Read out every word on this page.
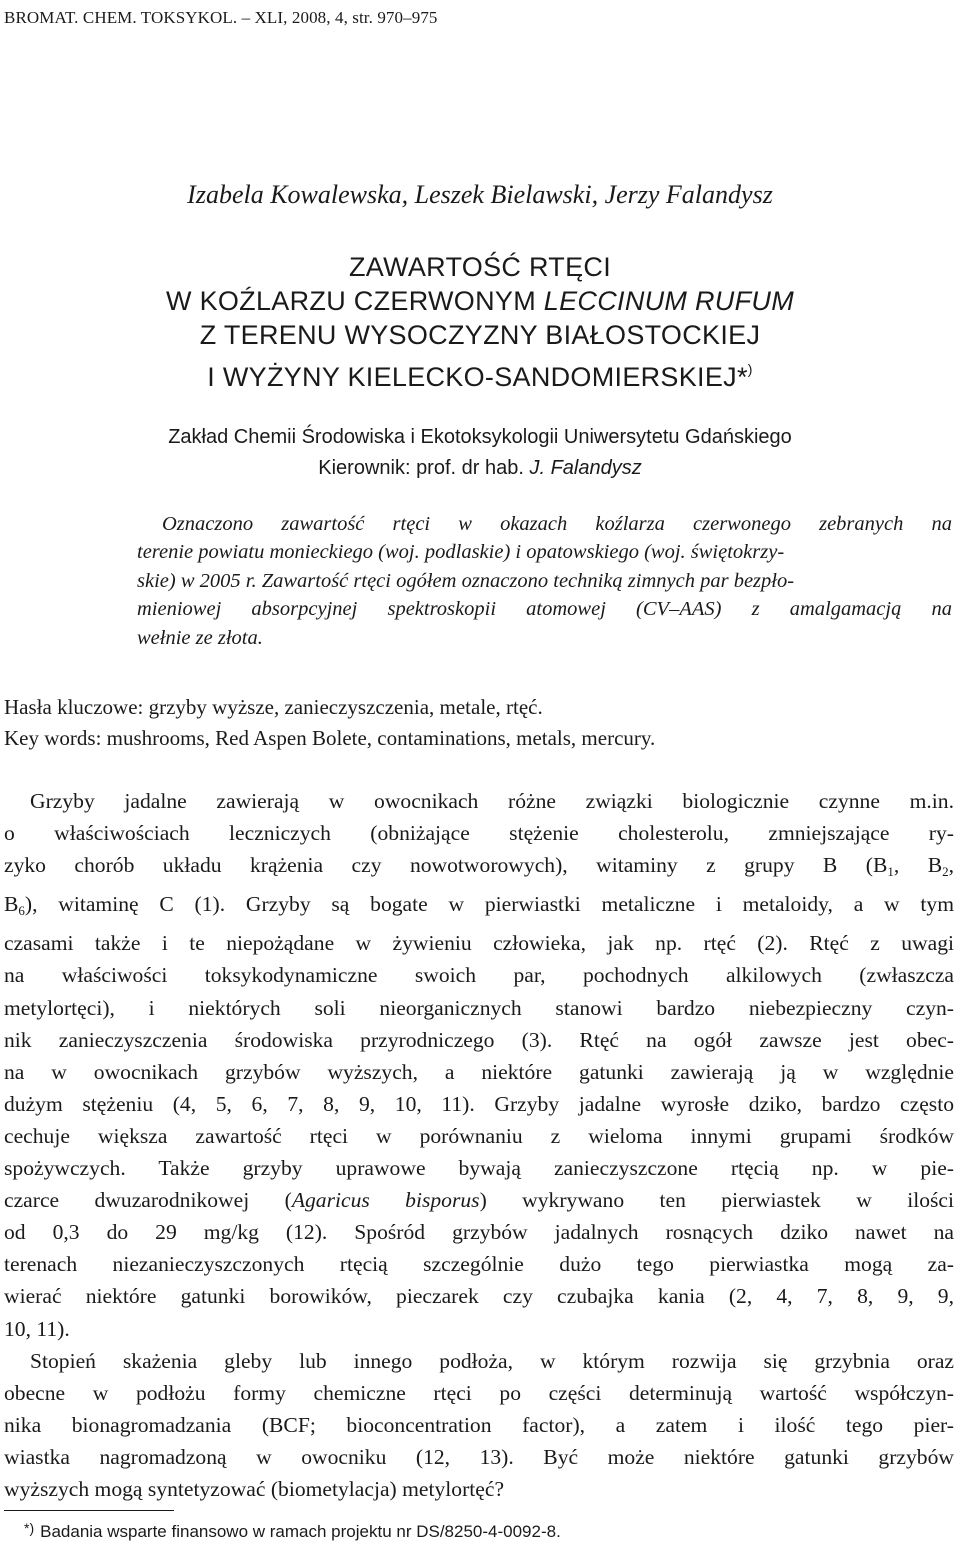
BROMAT. CHEM. TOKSYKOL. – XLI, 2008, 4, str. 970–975
Izabela Kowalewska, Leszek Bielawski, Jerzy Falandysz
ZAWARTOŚĆ RTĘCI
W KOŹLARZU CZERWONYM LECCINUM RUFUM
Z TERENU WYSOCZYZNY BIAŁOSTOCKIEJ
I WYŻYNY KIELECKO-SANDOMIERSKIEJ*)
Zakład Chemii Środowiska i Ekotoksykologii Uniwersytetu Gdańskiego
Kierownik: prof. dr hab. J. Falandysz
Oznaczono zawartość rtęci w okazach koźlarza czerwonego zebranych na
terenie powiatu monieckiego (woj. podlaskie) i opatowskiego (woj. świętokrzy-
skie) w 2005 r. Zawartość rtęci ogółem oznaczono techniką zimnych par bezpło-
mieniowej absorpcyjnej spektroskopii atomowej (CV–AAS) z amalgamacją na
wełnie ze złota.
Hasła kluczowe: grzyby wyższe, zanieczyszczenia, metale, rtęć.
Key words: mushrooms, Red Aspen Bolete, contaminations, metals, mercury.
Grzyby jadalne zawierają w owocnikach różne związki biologicznie czynne m.in.
o właściwościach leczniczych (obniżające stężenie cholesterolu, zmniejszające ry-
zyko chorób układu krążenia czy nowotworowych), witaminy z grupy B ($B_1$, $B_2$,
$B_6$), witaminę C (1). Grzyby są bogate w pierwiastki metaliczne i metaloidy, a w tym
czasami także i te niepożądane w żywieniu człowieka, jak np. rtęć (2). Rtęć z uwagi
na właściwości toksykodynamiczne swoich par, pochodnych alkilowych (zwłaszcza
metylortęci), i niektórych soli nieorganicznych stanowi bardzo niebezpieczny czyn-
nik zanieczyszczenia środowiska przyrodniczego (3). Rtęć na ogół zawsze jest obec-
na w owocnikach grzybów wyższych, a niektóre gatunki zawierają ją w względnie
dużym stężeniu (4, 5, 6, 7, 8, 9, 10, 11). Grzyby jadalne wyrosłe dziko, bardzo często
cechuje większa zawartość rtęci w porównaniu z wieloma innymi grupami środków
spożywczych. Także grzyby uprawowe bywają zanieczyszczone rtęcią np. w pie-
czarce dwuzarodnikowej (Agaricus bisporus) wykrywano ten pierwiastek w ilości
od 0,3 do 29 mg/kg (12). Spośród grzybów jadalnych rosnących dziko nawet na
terenach niezanieczyszczonych rtęcią szczególnie dużo tego pierwiastka mogą za-
wierać niektóre gatunki borowików, pieczarek czy czubajka kania (2, 4, 7, 8, 9, 9,
10, 11).
Stopień skażenia gleby lub innego podłoża, w którym rozwija się grzybnia oraz
obecne w podłożu formy chemiczne rtęci po części determinują wartość współczyn-
nika bionagromadzania (BCF; bioconcentration factor), a zatem i ilość tego pier-
wiastka nagromadzoną w owocniku (12, 13). Być może niektóre gatunki grzybów
wyższych mogą syntetyzować (biometylacja) metylortęć?
*) Badania wsparte finansowo w ramach projektu nr DS/8250-4-0092-8.
